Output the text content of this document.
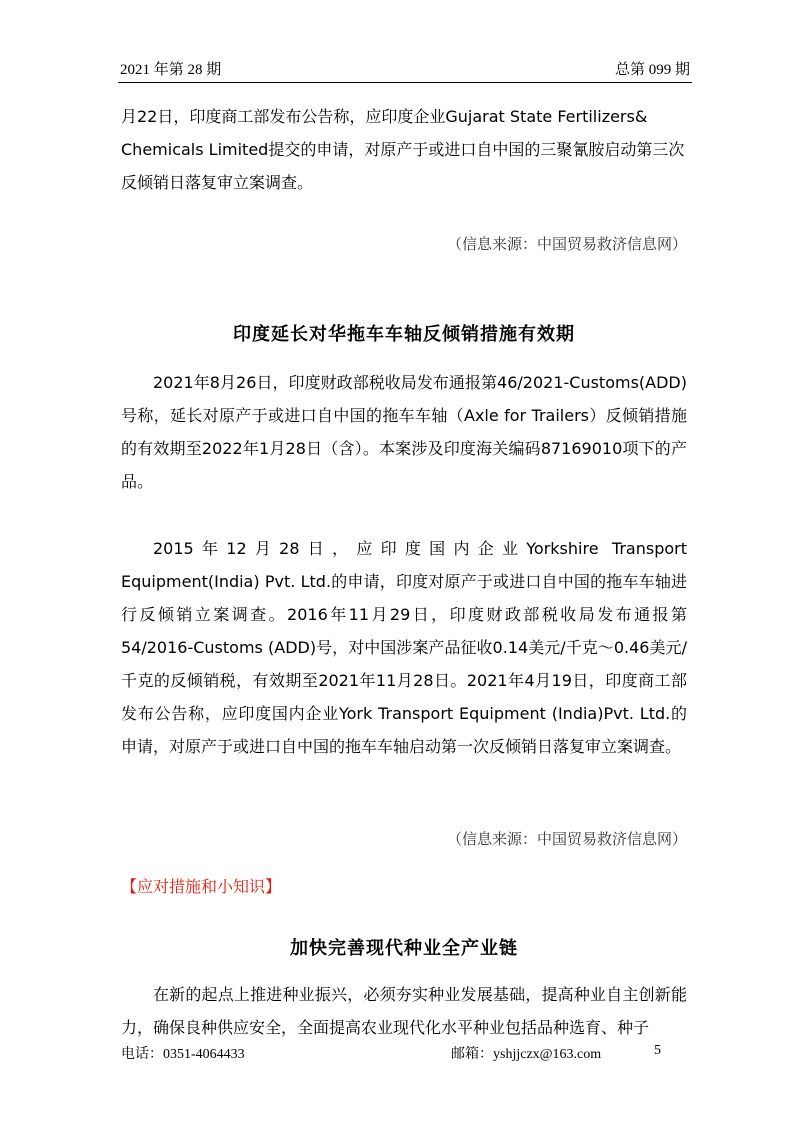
2021 年第 28 期	总第 099 期
月22日，印度商工部发布公告称，应印度企业Gujarat State Fertilizers&
Chemicals Limited提交的申请，对原产于或进口自中国的三聚氰胺启动第三次
反倾销日落复审立案调查。
（信息来源：中国贸易救济信息网）
印度延长对华拖车车轴反倾销措施有效期
2021年8月26日，印度财政部税收局发布通报第46/2021-Customs(ADD)号称，延长对原产于或进口自中国的拖车车轴（Axle for Trailers）反倾销措施的有效期至2022年1月28日（含）。本案涉及印度海关编码87169010项下的产品。
2015年12月28日，应印度国内企业Yorkshire Transport Equipment(India) Pvt. Ltd.的申请，印度对原产于或进口自中国的拖车车轴进行反倾销立案调查。2016年11月29日，印度财政部税收局发布通报第54/2016-Customs (ADD)号，对中国涉案产品征收0.14美元/千克～0.46美元/千克的反倾销税，有效期至2021年11月28日。2021年4月19日，印度商工部发布公告称，应印度国内企业York Transport Equipment (India)Pvt. Ltd.的申请，对原产于或进口自中国的拖车车轴启动第一次反倾销日落复审立案调查。
（信息来源：中国贸易救济信息网）
【应对措施和小知识】
加快完善现代种业全产业链
在新的起点上推进种业振兴，必须夯实种业发展基础，提高种业自主创新能力，确保良种供应安全，全面提高农业现代化水平种业包括品种选育、种子
电话：0351-4064433	邮箱：yshjjczx@163.com	5
